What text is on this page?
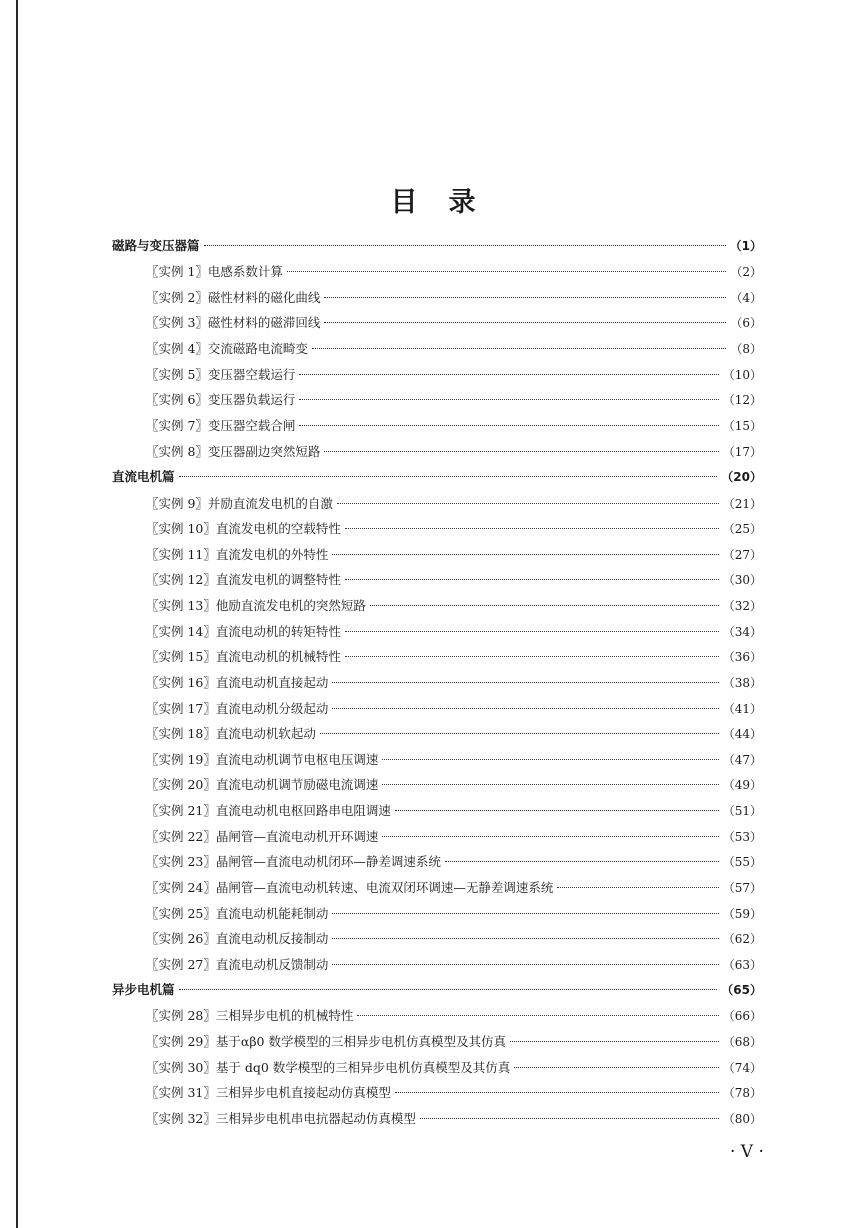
目　录
磁路与变压器篇	（1）
〖实例 1〗电感系数计算	（2）
〖实例 2〗磁性材料的磁化曲线	（4）
〖实例 3〗磁性材料的磁滞回线	（6）
〖实例 4〗交流磁路电流畸变	（8）
〖实例 5〗变压器空载运行	（10）
〖实例 6〗变压器负载运行	（12）
〖实例 7〗变压器空载合闸	（15）
〖实例 8〗变压器副边突然短路	（17）
直流电机篇	（20）
〖实例 9〗并励直流发电机的自激	（21）
〖实例 10〗直流发电机的空载特性	（25）
〖实例 11〗直流发电机的外特性	（27）
〖实例 12〗直流发电机的调整特性	（30）
〖实例 13〗他励直流发电机的突然短路	（32）
〖实例 14〗直流电动机的转矩特性	（34）
〖实例 15〗直流电动机的机械特性	（36）
〖实例 16〗直流电动机直接起动	（38）
〖实例 17〗直流电动机分级起动	（41）
〖实例 18〗直流电动机软起动	（44）
〖实例 19〗直流电动机调节电枢电压调速	（47）
〖实例 20〗直流电动机调节励磁电流调速	（49）
〖实例 21〗直流电动机电枢回路串电阻调速	（51）
〖实例 22〗晶闸管—直流电动机开环调速	（53）
〖实例 23〗晶闸管—直流电动机闭环—静差调速系统	（55）
〖实例 24〗晶闸管—直流电动机转速、电流双闭环调速—无静差调速系统	（57）
〖实例 25〗直流电动机能耗制动	（59）
〖实例 26〗直流电动机反接制动	（62）
〖实例 27〗直流电动机反馈制动	（63）
异步电机篇	（65）
〖实例 28〗三相异步电机的机械特性	（66）
〖实例 29〗基于αβ0 数学模型的三相异步电机仿真模型及其仿真	（68）
〖实例 30〗基于 dq0 数学模型的三相异步电机仿真模型及其仿真	（74）
〖实例 31〗三相异步电机直接起动仿真模型	（78）
〖实例 32〗三相异步电机串电抗器起动仿真模型	（80）
· V ·
